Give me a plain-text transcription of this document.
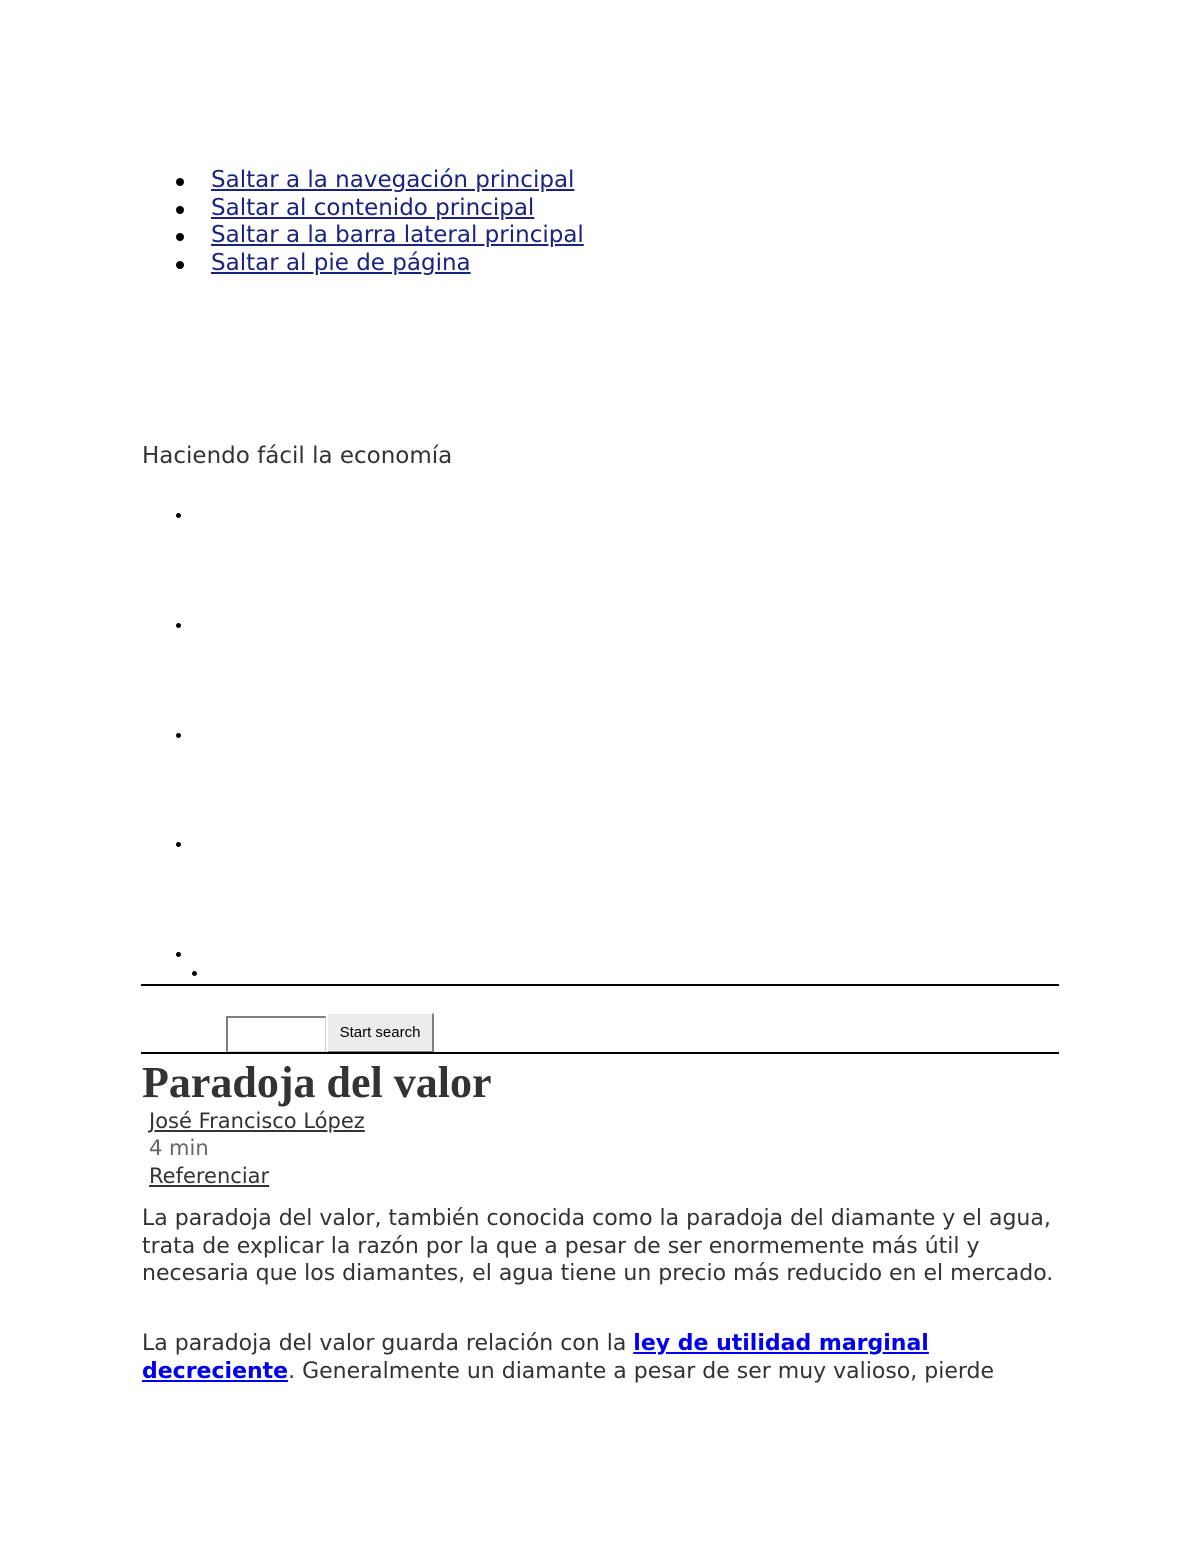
Saltar a la navegación principal
Saltar al contenido principal
Saltar a la barra lateral principal
Saltar al pie de página

Haciendo fácil la economía

Start search
Paradoja del valor
José Francisco López
4 min
Referenciar

La paradoja del valor, también conocida como la paradoja del diamante y el agua, trata de explicar la razón por la que a pesar de ser enormemente más útil y necesaria que los diamantes, el agua tiene un precio más reducido en el mercado.

La paradoja del valor guarda relación con la ley de utilidad marginal decreciente. Generalmente un diamante a pesar de ser muy valioso, pierde
